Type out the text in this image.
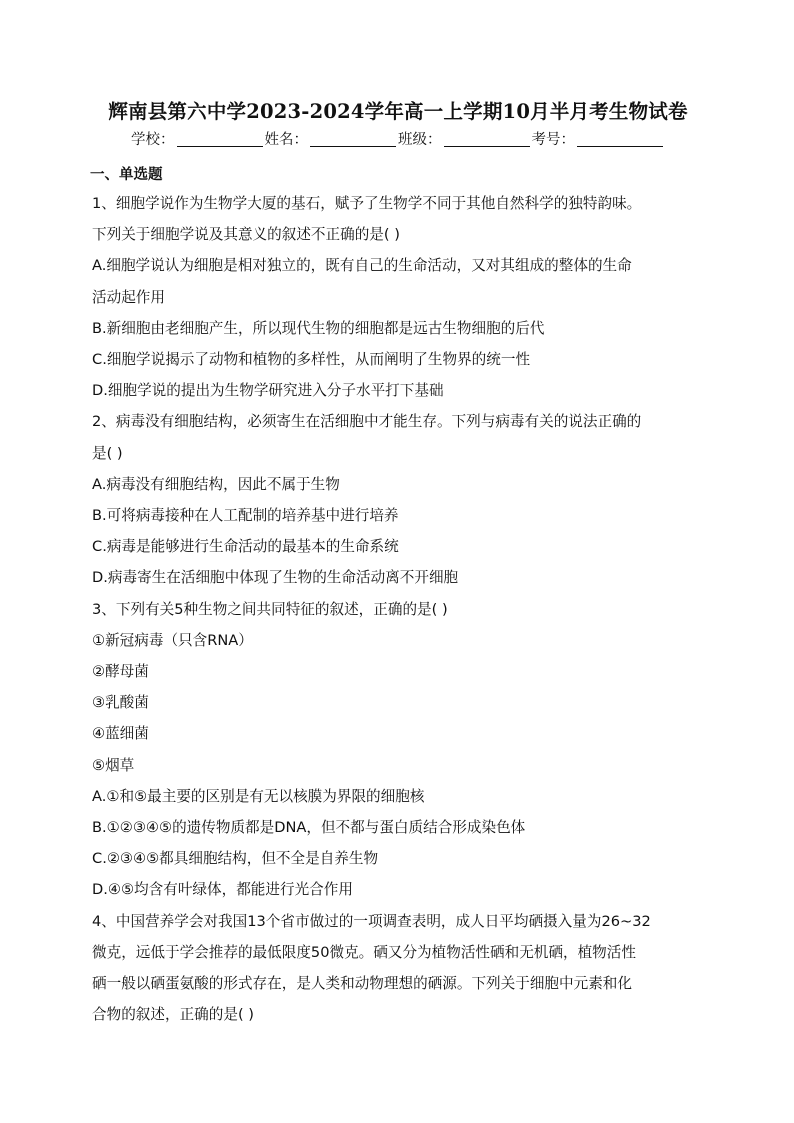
辉南县第六中学2023-2024学年高一上学期10月半月考生物试卷
学校：	姓名：	班级：	考号：
一、单选题
1、细胞学说作为生物学大厦的基石，赋予了生物学不同于其他自然科学的独特韵味。
下列关于细胞学说及其意义的叙述不正确的是( )
A.细胞学说认为细胞是相对独立的，既有自己的生命活动，又对其组成的整体的生命
活动起作用
B.新细胞由老细胞产生，所以现代生物的细胞都是远古生物细胞的后代
C.细胞学说揭示了动物和植物的多样性，从而阐明了生物界的统一性
D.细胞学说的提出为生物学研究进入分子水平打下基础
2、病毒没有细胞结构，必须寄生在活细胞中才能生存。下列与病毒有关的说法正确的
是( )
A.病毒没有细胞结构，因此不属于生物
B.可将病毒接种在人工配制的培养基中进行培养
C.病毒是能够进行生命活动的最基本的生命系统
D.病毒寄生在活细胞中体现了生物的生命活动离不开细胞
3、下列有关5种生物之间共同特征的叙述，正确的是( )
①新冠病毒（只含RNA）
②酵母菌
③乳酸菌
④蓝细菌
⑤烟草
A.①和⑤最主要的区别是有无以核膜为界限的细胞核
B.①②③④⑤的遗传物质都是DNA，但不都与蛋白质结合形成染色体
C.②③④⑤都具细胞结构，但不全是自养生物
D.④⑤均含有叶绿体，都能进行光合作用
4、中国营养学会对我国13个省市做过的一项调查表明，成人日平均硒摄入量为26~32
微克，远低于学会推荐的最低限度50微克。硒又分为植物活性硒和无机硒，植物活性
硒一般以硒蛋氨酸的形式存在，是人类和动物理想的硒源。下列关于细胞中元素和化
合物的叙述，正确的是( )
